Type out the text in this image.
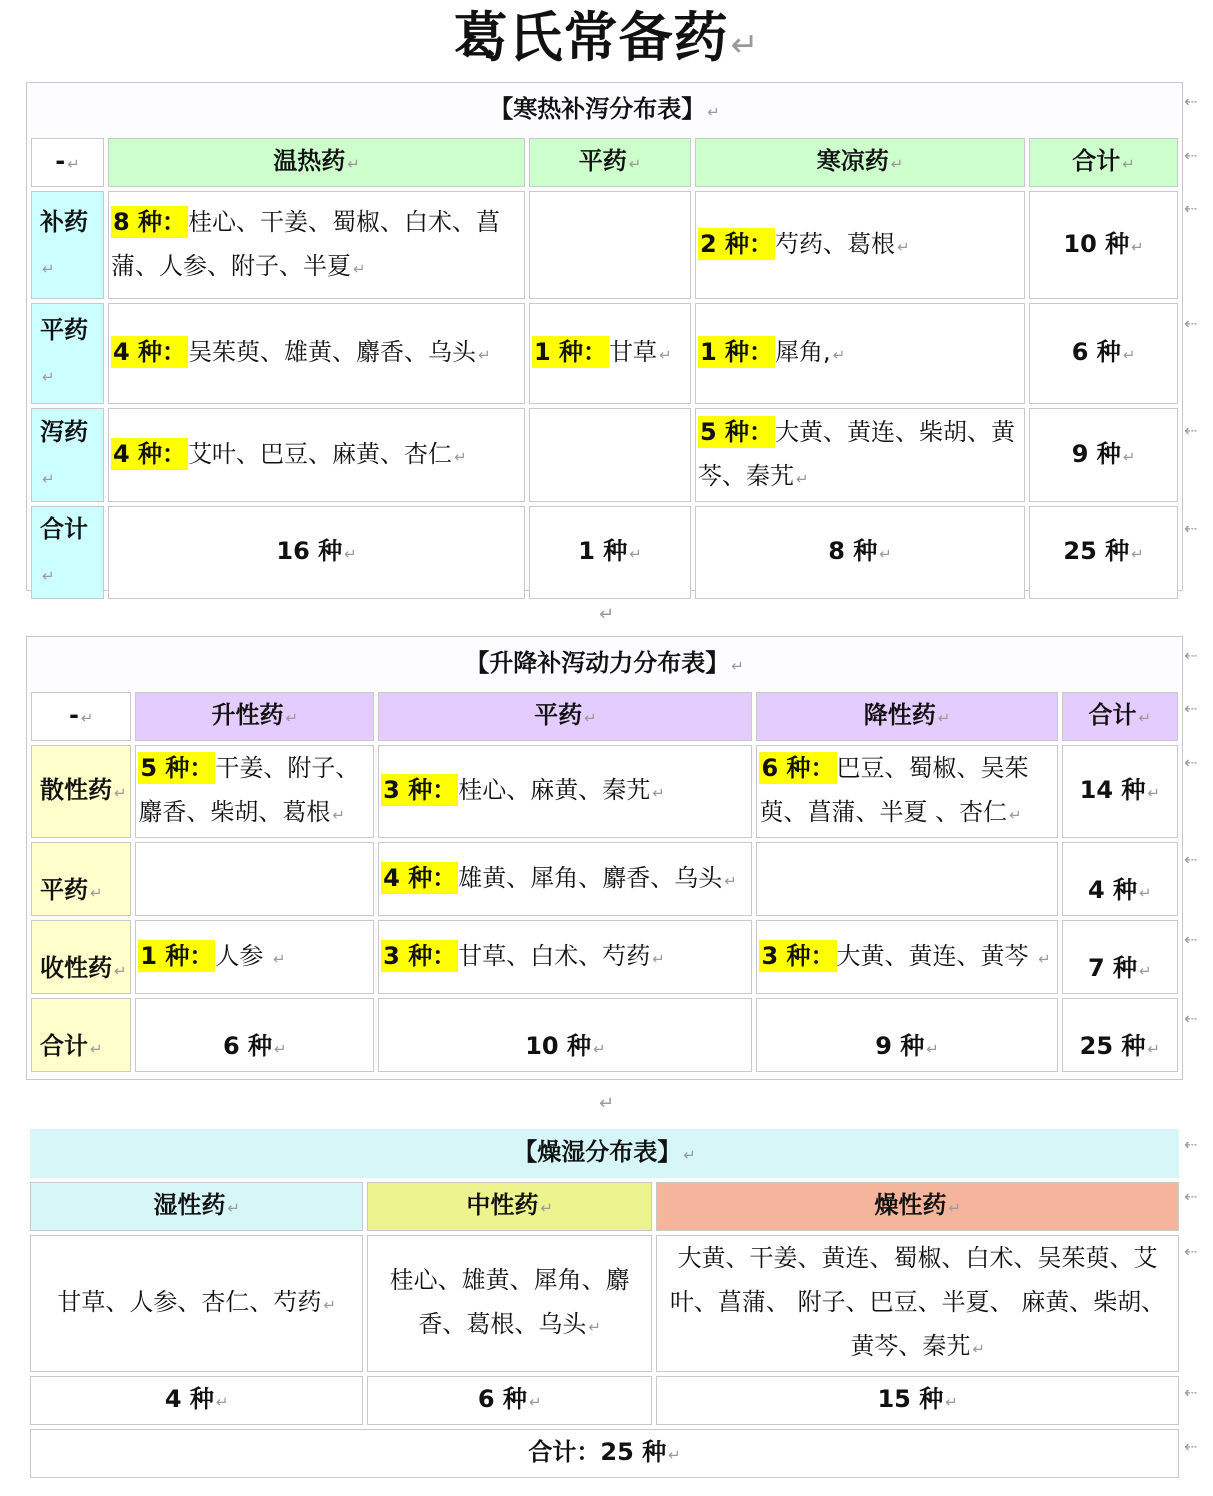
葛氏常备药↵
【寒热补泻分布表】 ↵				
- ↵	温热药 ↵	平药 ↵	寒凉药 ↵	合计 ↵
补药↵	8 种：桂心、干姜、蜀椒、白术、菖蒲、人参、附子、半夏 ↵		2 种：芍药、葛根 ↵	10 种 ↵
平药↵	4 种：吴茱萸、雄黄、麝香、乌头 ↵	1 种：甘草 ↵	1 种：犀角, ↵	6 种 ↵
泻药↵	4 种：艾叶、巴豆、麻黄、杏仁 ↵		5 种：大黄、黄连、柴胡、黄芩、秦艽 ↵	9 种 ↵
合计↵	16 种 ↵	1 种 ↵	8 种 ↵	25 种 ↵
↵
【升降补泻动力分布表】 ↵				
- ↵	升性药 ↵	平药 ↵	降性药 ↵	合计 ↵
散性药 ↵	5 种：干姜、附子、麝香、柴胡、葛根 ↵	3 种：桂心、麻黄、秦艽 ↵	6 种：巴豆、蜀椒、吴茱萸、菖蒲、半夏 、杏仁 ↵	14 种 ↵
平药 ↵		4 种：雄黄、犀角、麝香、乌头 ↵		4 种 ↵
收性药 ↵	1 种：人参 ↵	3 种：甘草、白术、芍药 ↵	3 种：大黄、黄连、黄芩 ↵	7 种 ↵
合计 ↵	6 种 ↵	10 种 ↵	9 种 ↵	25 种 ↵
↵
【燥湿分布表】 ↵		
湿性药 ↵	中性药 ↵	燥性药 ↵
甘草、人参、杏仁、芍药 ↵	桂心、雄黄、犀角、麝香、葛根、乌头 ↵	大黄、干姜、黄连、蜀椒、白术、吴茱萸、艾叶、菖蒲、 附子、巴豆、半夏、 麻黄、柴胡、黄芩、秦艽 ↵
4 种 ↵	6 种 ↵	15 种 ↵
合计：25 种 ↵		
⇠
⇠
⇠
⇠
⇠
⇠
⇠
⇠
⇠
⇠
⇠
⇠
⇠
⇠
⇠
⇠
⇠
